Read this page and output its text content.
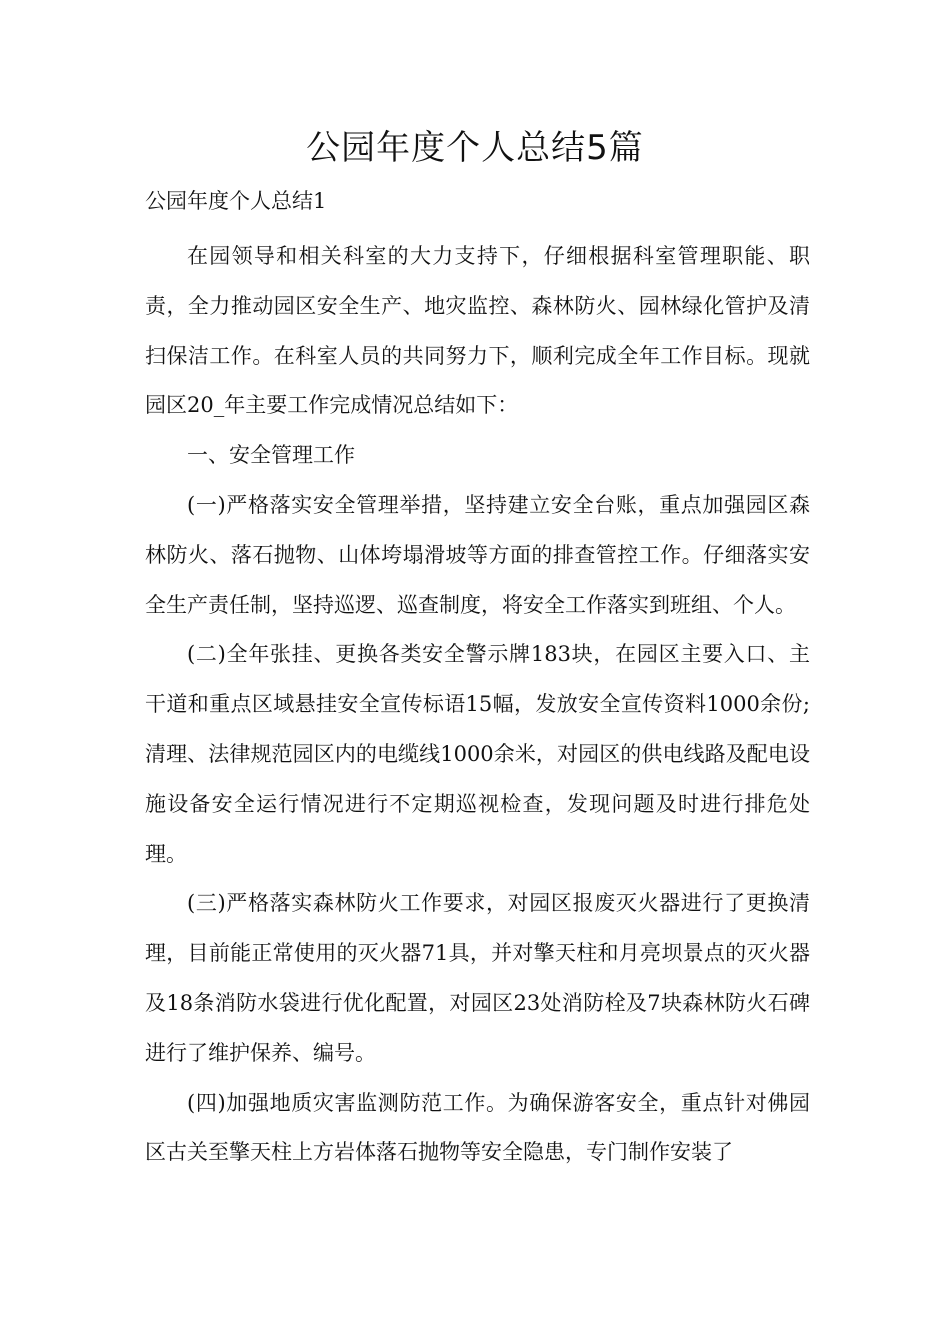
公园年度个人总结5篇

公园年度个人总结1

在园领导和相关科室的大力支持下，仔细根据科室管理职能、职责，全力推动园区安全生产、地灾监控、森林防火、园林绿化管护及清扫保洁工作。在科室人员的共同努力下，顺利完成全年工作目标。现就园区20_年主要工作完成情况总结如下：

一、安全管理工作

(一)严格落实安全管理举措，坚持建立安全台账，重点加强园区森林防火、落石抛物、山体垮塌滑坡等方面的排查管控工作。仔细落实安全生产责任制，坚持巡逻、巡查制度，将安全工作落实到班组、个人。

(二)全年张挂、更换各类安全警示牌183块，在园区主要入口、主干道和重点区域悬挂安全宣传标语15幅，发放安全宣传资料1000余份;清理、法律规范园区内的电缆线1000余米，对园区的供电线路及配电设施设备安全运行情况进行不定期巡视检查，发现问题及时进行排危处理。

(三)严格落实森林防火工作要求，对园区报废灭火器进行了更换清理，目前能正常使用的灭火器71具，并对擎天柱和月亮坝景点的灭火器及18条消防水袋进行优化配置，对园区23处消防栓及7块森林防火石碑进行了维护保养、编号。

(四)加强地质灾害监测防范工作。为确保游客安全，重点针对佛园区古关至擎天柱上方岩体落石抛物等安全隐患，专门制作安装了
